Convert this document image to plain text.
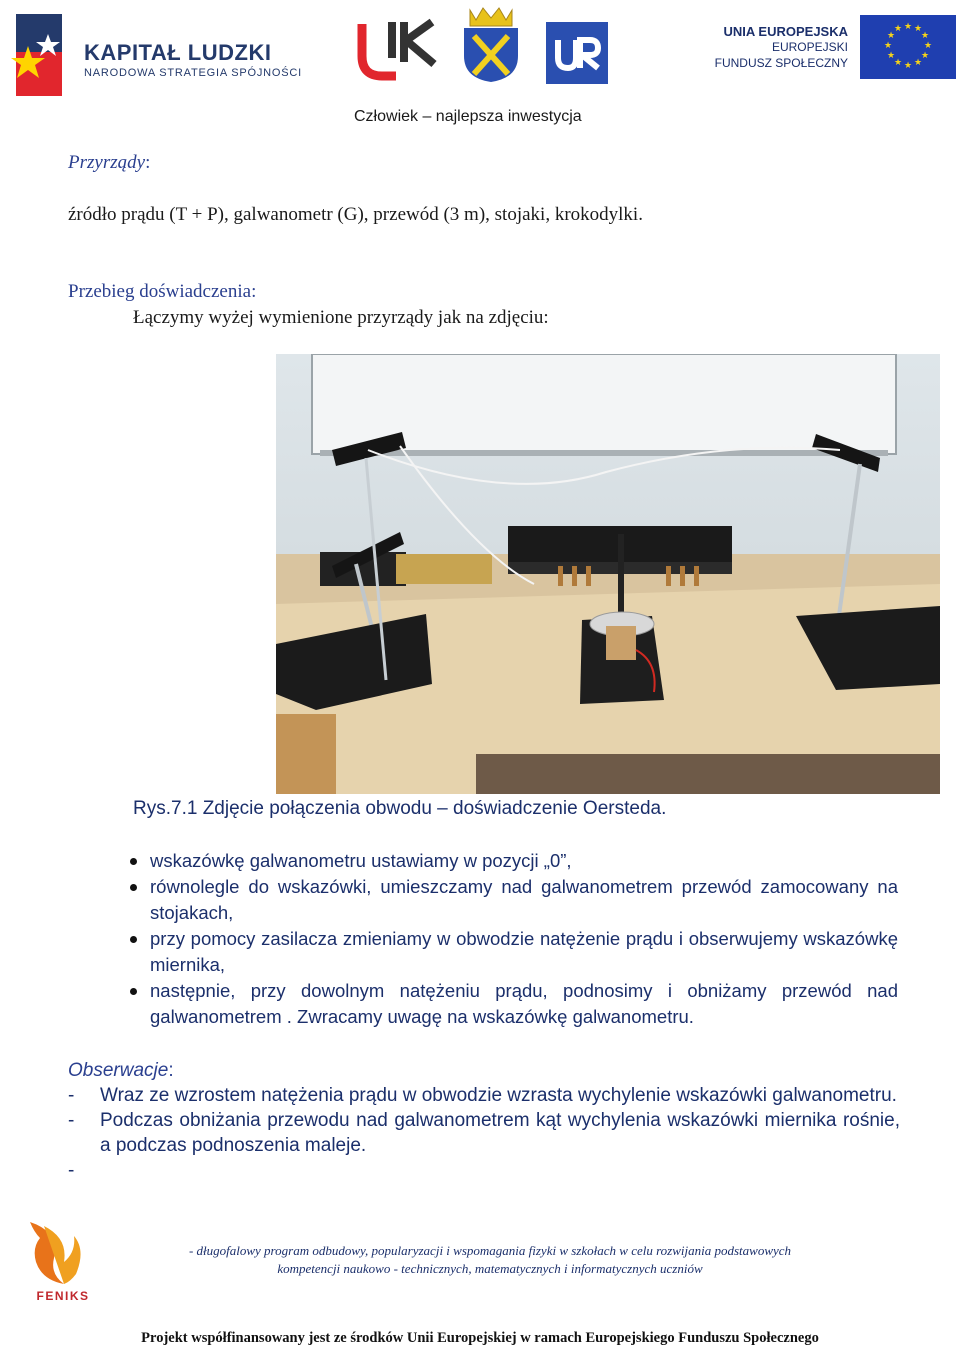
KAPITAŁ LUDZKI
NARODOWA STRATEGIA SPÓJNOŚCI
UNIA EUROPEJSKA
EUROPEJSKI
FUNDUSZ SPOŁECZNY
★ ★
★
★
★
★
★
★
★
★
★
★
Człowiek – najlepsza inwestycja
Przyrządy:
źródło prądu (T + P), galwanometr (G), przewód (3 m), stojaki, krokodylki.
Przebieg doświadczenia:
Łączymy wyżej wymienione przyrządy jak na zdjęciu:
Rys.7.1 Zdjęcie połączenia obwodu – doświadczenie Oersteda.
wskazówkę galwanometru ustawiamy w pozycji „0”,
równolegle do wskazówki, umieszczamy nad galwanometrem przewód zamocowany na stojakach,
przy pomocy zasilacza zmieniamy w obwodzie natężenie prądu i obserwujemy wskazówkę miernika,
następnie, przy dowolnym natężeniu prądu, podnosimy i obniżamy przewód nad galwanometrem . Zwracamy uwagę na wskazówkę galwanometru.
Obserwacje:
- Wraz ze wzrostem natężenia prądu w obwodzie wzrasta wychylenie wskazówki galwanometru.
- Podczas obniżania przewodu nad galwanometrem kąt wychylenia wskazówki miernika rośnie, a podczas podnoszenia maleje.
-
FENIKS
- długofalowy program odbudowy, popularyzacji i wspomagania fizyki w szkołach w celu rozwijania podstawowych
kompetencji naukowo - technicznych, matematycznych i informatycznych uczniów
Projekt współfinansowany jest ze środków Unii Europejskiej w ramach Europejskiego Funduszu Społecznego
